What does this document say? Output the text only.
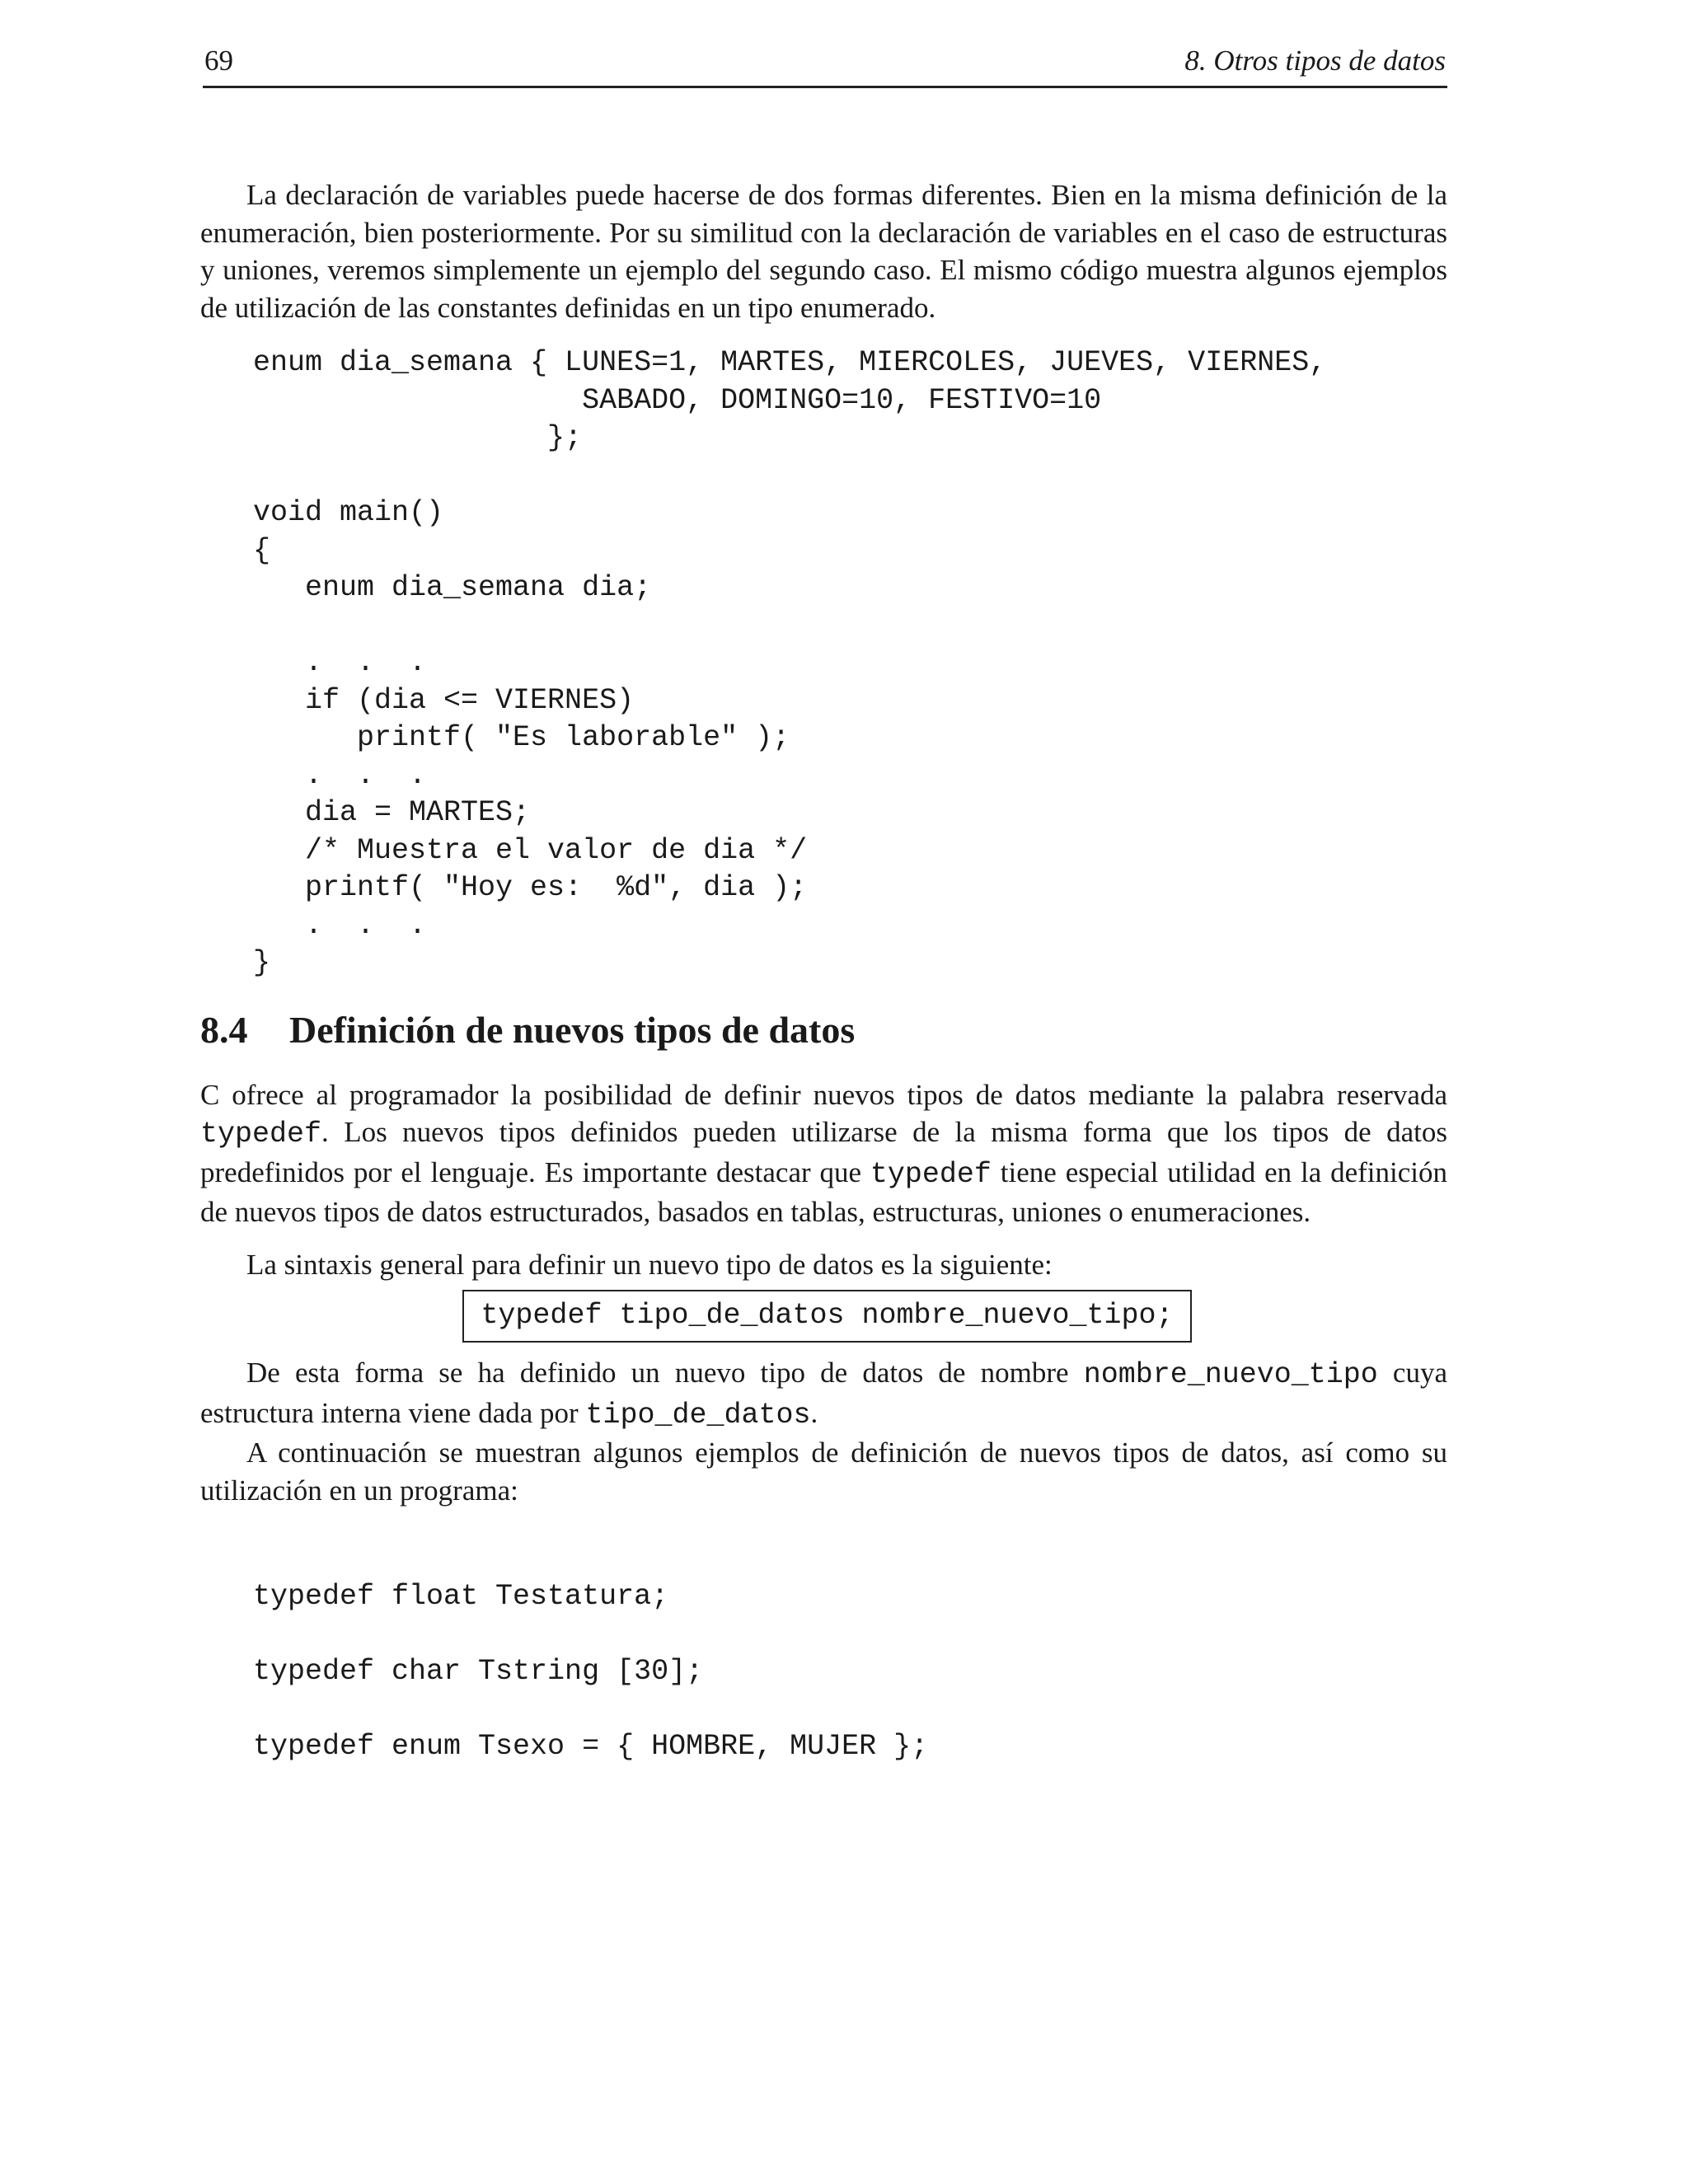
69	8. Otros tipos de datos

La declaración de variables puede hacerse de dos formas diferentes. Bien en la misma definición de la enumeración, bien posteriormente. Por su similitud con la declaración de variables en el caso de estructuras y uniones, veremos simplemente un ejemplo del segundo caso. El mismo código muestra algunos ejemplos de utilización de las constantes definidas en un tipo enumerado.

enum dia_semana { LUNES=1, MARTES, MIERCOLES, JUEVES, VIERNES,
SABADO, DOMINGO=10, FESTIVO=10
};
void main()
{
enum dia_semana dia;
.  .  .
if (dia <= VIERNES)
printf( "Es laborable" );
.  .  .
dia = MARTES;
/* Muestra el valor de dia */
printf( "Hoy es:  %d", dia );
.  .  .
}
8.4 Definición de nuevos tipos de datos

C ofrece al programador la posibilidad de definir nuevos tipos de datos mediante la palabra reservada typedef. Los nuevos tipos definidos pueden utilizarse de la misma forma que los tipos de datos predefinidos por el lenguaje. Es importante destacar que typedef tiene especial utilidad en la definición de nuevos tipos de datos estructurados, basados en tablas, estructuras, uniones o enumeraciones.

La sintaxis general para definir un nuevo tipo de datos es la siguiente:

typedef tipo_de_datos nombre_nuevo_tipo;

De esta forma se ha definido un nuevo tipo de datos de nombre nombre_nuevo_tipo cuya estructura interna viene dada por tipo_de_datos.

A continuación se muestran algunos ejemplos de definición de nuevos tipos de datos, así como su utilización en un programa:

typedef float Testatura;
typedef char Tstring [30];
typedef enum Tsexo = { HOMBRE, MUJER };
